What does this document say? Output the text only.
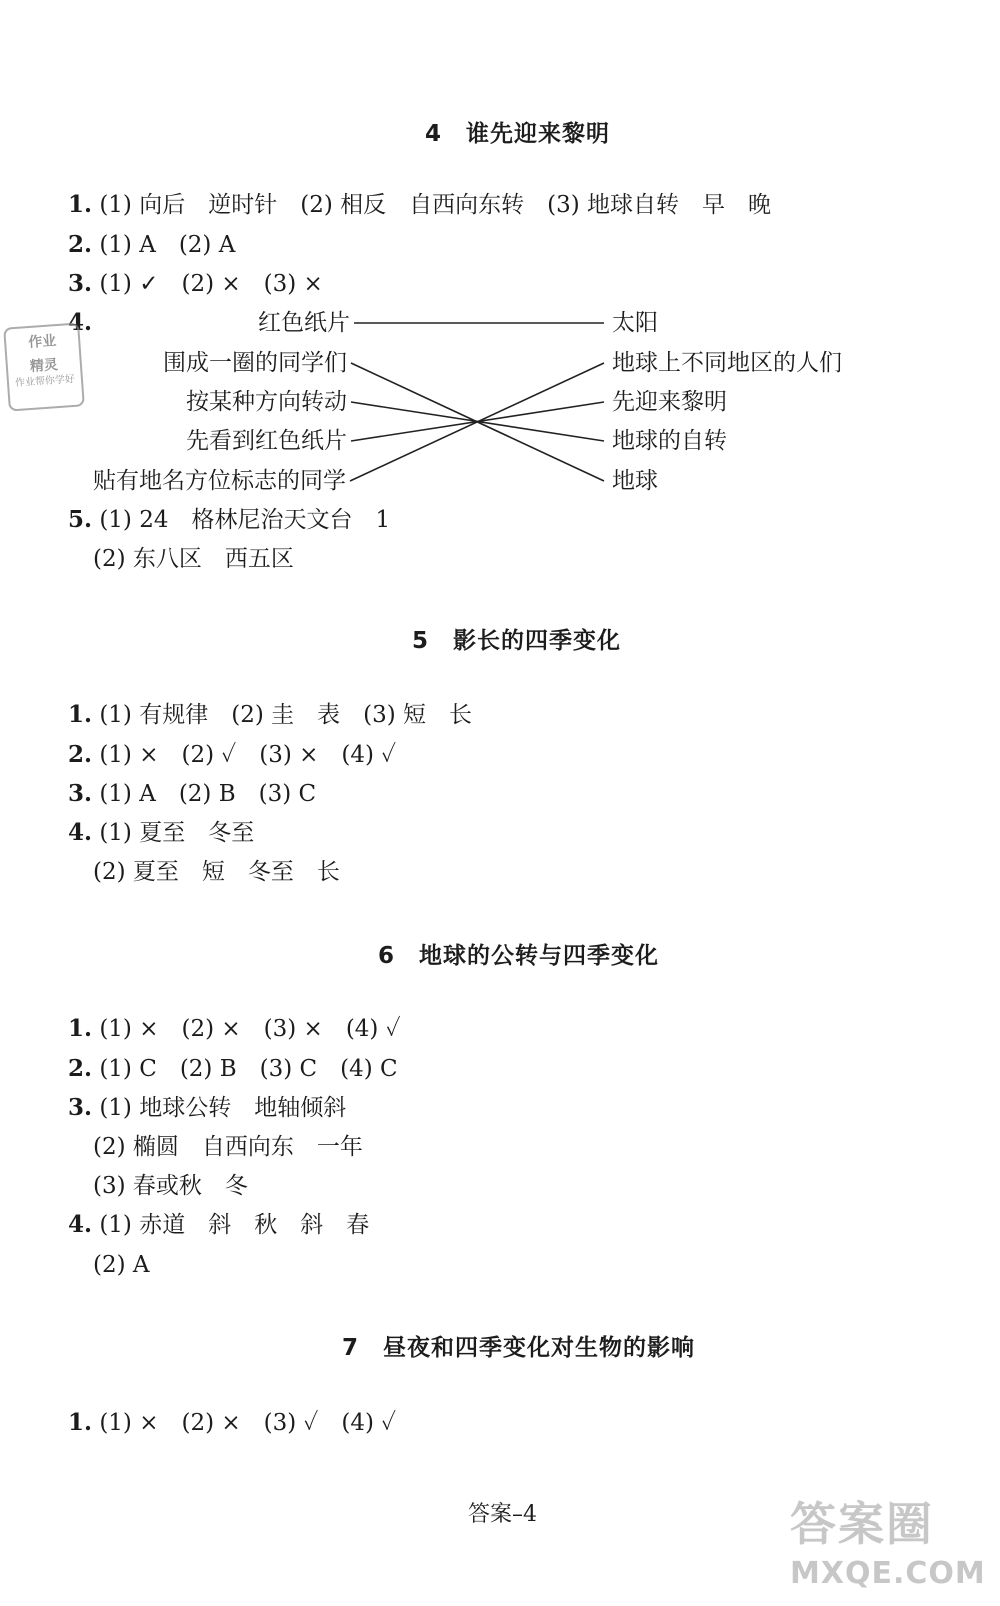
4　谁先迎来黎明
1. (1) 向后　逆时针　(2) 相反　自西向东转　(3) 地球自转　早　晚
2. (1) A　(2) A
3. (1) ✓　(2) ×　(3) ×
4.	红色纸片
围成一圈的同学们
按某种方向转动
先看到红色纸片
贴有地名方位标志的同学
太阳
地球上不同地区的人们
先迎来黎明
地球的自转
地球
5. (1) 24　格林尼治天文台　1
(2) 东八区　西五区
5　影长的四季变化
1. (1) 有规律　(2) 圭　表　(3) 短　长
2. (1) ×　(2) ✓　(3) ×　(4) ✓
3. (1) A　(2) B　(3) C
4. (1) 夏至　冬至
(2) 夏至　短　冬至　长
6　地球的公转与四季变化
1. (1) ×　(2) ×　(3) ×　(4) ✓
2. (1) C　(2) B　(3) C　(4) C
3. (1) 地球公转　地轴倾斜
(2) 椭圆　自西向东　一年
(3) 春或秋　冬
4. (1) 赤道　斜　秋　斜　春
(2) A
7　昼夜和四季变化对生物的影响
1. (1) ×　(2) ×　(3) ✓　(4) ✓
答案–4
作业
精灵
作业帮你学好
答案圈
MXQE.COM
